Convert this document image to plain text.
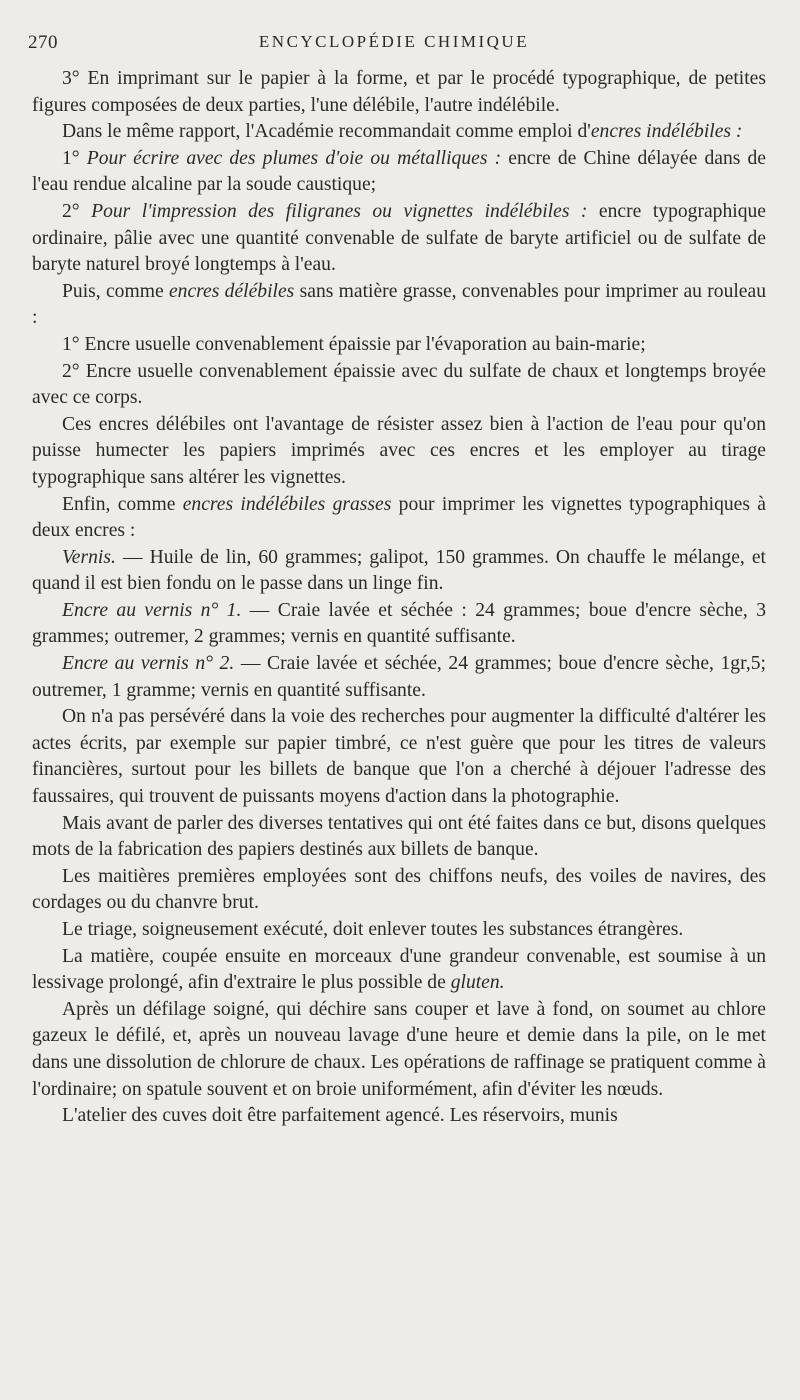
270	ENCYCLOPÉDIE CHIMIQUE

3° En imprimant sur le papier à la forme, et par le procédé typographique, de petites figures composées de deux parties, l'une délébile, l'autre indélébile.

Dans le même rapport, l'Académie recommandait comme emploi d'encres indélébiles :

1° Pour écrire avec des plumes d'oie ou métalliques : encre de Chine délayée dans de l'eau rendue alcaline par la soude caustique;

2° Pour l'impression des filigranes ou vignettes indélébiles : encre typographique ordinaire, pâlie avec une quantité convenable de sulfate de baryte artificiel ou de sulfate de baryte naturel broyé longtemps à l'eau.

Puis, comme encres délébiles sans matière grasse, convenables pour imprimer au rouleau :

1° Encre usuelle convenablement épaissie par l'évaporation au bain-marie;

2° Encre usuelle convenablement épaissie avec du sulfate de chaux et longtemps broyée avec ce corps.

Ces encres délébiles ont l'avantage de résister assez bien à l'action de l'eau pour qu'on puisse humecter les papiers imprimés avec ces encres et les employer au tirage typographique sans altérer les vignettes.

Enfin, comme encres indélébiles grasses pour imprimer les vignettes typographiques à deux encres :

Vernis. — Huile de lin, 60 grammes; galipot, 150 grammes. On chauffe le mélange, et quand il est bien fondu on le passe dans un linge fin.

Encre au vernis n° 1. — Craie lavée et séchée : 24 grammes; boue d'encre sèche, 3 grammes; outremer, 2 grammes; vernis en quantité suffisante.

Encre au vernis n° 2. — Craie lavée et séchée, 24 grammes; boue d'encre sèche, 1gr,5; outremer, 1 gramme; vernis en quantité suffisante.

On n'a pas persévéré dans la voie des recherches pour augmenter la difficulté d'altérer les actes écrits, par exemple sur papier timbré, ce n'est guère que pour les titres de valeurs financières, surtout pour les billets de banque que l'on a cherché à déjouer l'adresse des faussaires, qui trouvent de puissants moyens d'action dans la photographie.

Mais avant de parler des diverses tentatives qui ont été faites dans ce but, disons quelques mots de la fabrication des papiers destinés aux billets de banque.

Les maitières premières employées sont des chiffons neufs, des voiles de navires, des cordages ou du chanvre brut.

Le triage, soigneusement exécuté, doit enlever toutes les substances étrangères.

La matière, coupée ensuite en morceaux d'une grandeur convenable, est soumise à un lessivage prolongé, afin d'extraire le plus possible de gluten.

Après un défilage soigné, qui déchire sans couper et lave à fond, on soumet au chlore gazeux le défilé, et, après un nouveau lavage d'une heure et demie dans la pile, on le met dans une dissolution de chlorure de chaux. Les opérations de raffinage se pratiquent comme à l'ordinaire; on spatule souvent et on broie uniformément, afin d'éviter les nœuds.

L'atelier des cuves doit être parfaitement agencé. Les réservoirs, munis
